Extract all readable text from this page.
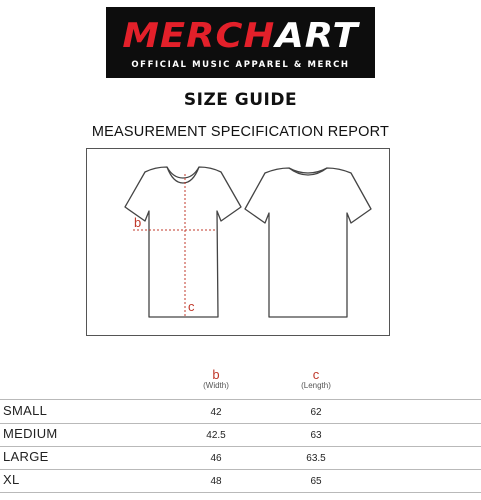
MERCHART
OFFICIAL MUSIC APPAREL & MERCH
SIZE GUIDE
MEASUREMENT SPECIFICATION REPORT
b
c
b
(Width)
c
(Length)
SMALL	42	62
MEDIUM	42.5	63
LARGE	46	63.5
XL	48	65
